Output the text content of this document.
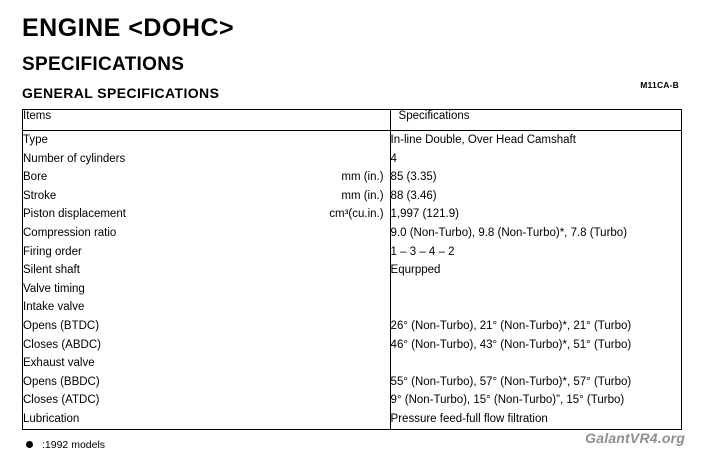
ENGINE <DOHC>
SPECIFICATIONS
GENERAL SPECIFICATIONS	M11CA-B
Items	Specifications
Type	In-line Double, Over Head Camshaft
Number of cylinders	4
Bore mm (in.)	85 (3.35)
Stroke mm (in.)	88 (3.46)
Piston displacement cm³(cu.in.)	1,997 (121.9)
Compression ratio	9.0 (Non-Turbo), 9.8 (Non-Turbo)*, 7.8 (Turbo)
Firing order	1 – 3 – 4 – 2
Silent shaft	Equrpped
Valve timing	
Intake valve	
Opens (BTDC)	26° (Non-Turbo), 21° (Non-Turbo)*, 21° (Turbo)
Closes (ABDC)	46° (Non-Turbo), 43° (Non-Turbo)*, 51° (Turbo)
Exhaust valve	
Opens (BBDC)	55° (Non-Turbo), 57° (Non-Turbo)*, 57° (Turbo)
Closes (ATDC)	9° (Non-Turbo), 15° (Non-Turbo)”, 15° (Turbo)
Lubrication	Pressure feed-full flow filtration
:1992 models	GalantVR4.org
